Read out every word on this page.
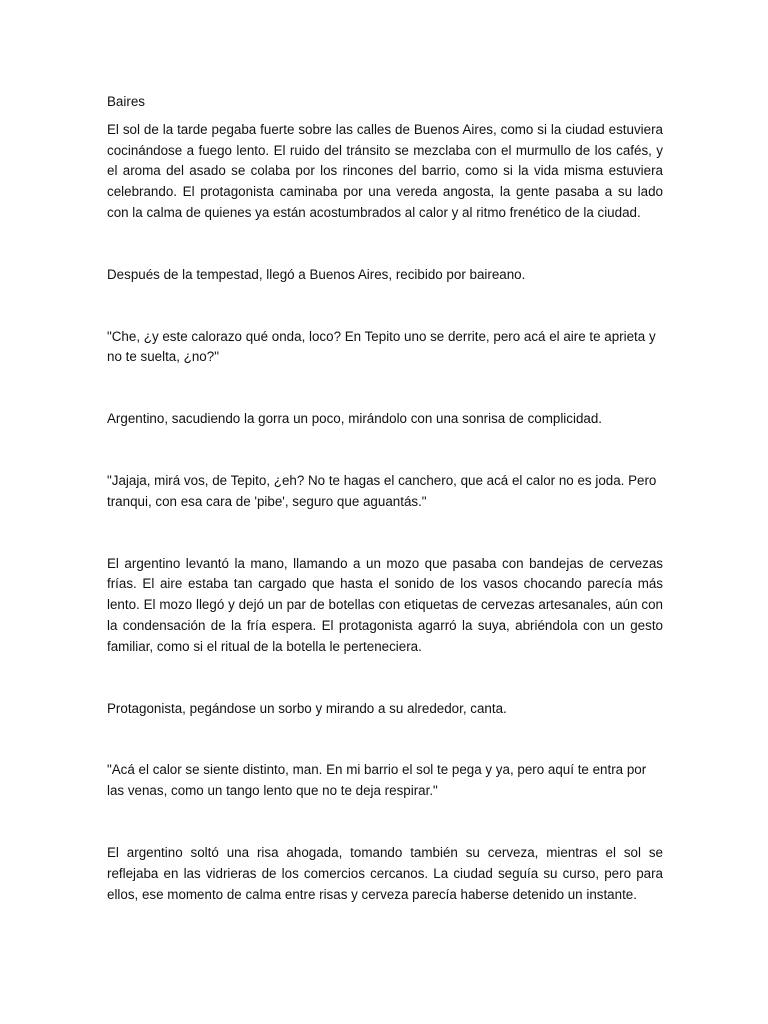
Baires

El sol de la tarde pegaba fuerte sobre las calles de Buenos Aires, como si la ciudad estuviera cocinándose a fuego lento. El ruido del tránsito se mezclaba con el murmullo de los cafés, y el aroma del asado se colaba por los rincones del barrio, como si la vida misma estuviera celebrando. El protagonista caminaba por una vereda angosta, la gente pasaba a su lado con la calma de quienes ya están acostumbrados al calor y al ritmo frenético de la ciudad.

Después de la tempestad, llegó a Buenos Aires, recibido por baireano.

"Che, ¿y este calorazo qué onda, loco? En Tepito uno se derrite, pero acá el aire te aprieta y no te suelta, ¿no?"

Argentino, sacudiendo la gorra un poco, mirándolo con una sonrisa de complicidad.

"Jajaja, mirá vos, de Tepito, ¿eh? No te hagas el canchero, que acá el calor no es joda. Pero tranqui, con esa cara de 'pibe', seguro que aguantás."

El argentino levantó la mano, llamando a un mozo que pasaba con bandejas de cervezas frías. El aire estaba tan cargado que hasta el sonido de los vasos chocando parecía más lento. El mozo llegó y dejó un par de botellas con etiquetas de cervezas artesanales, aún con la condensación de la fría espera. El protagonista agarró la suya, abriéndola con un gesto familiar, como si el ritual de la botella le perteneciera.

Protagonista, pegándose un sorbo y mirando a su alrededor, canta.

"Acá el calor se siente distinto, man. En mi barrio el sol te pega y ya, pero aquí te entra por las venas, como un tango lento que no te deja respirar."

El argentino soltó una risa ahogada, tomando también su cerveza, mientras el sol se reflejaba en las vidrieras de los comercios cercanos. La ciudad seguía su curso, pero para ellos, ese momento de calma entre risas y cerveza parecía haberse detenido un instante.
